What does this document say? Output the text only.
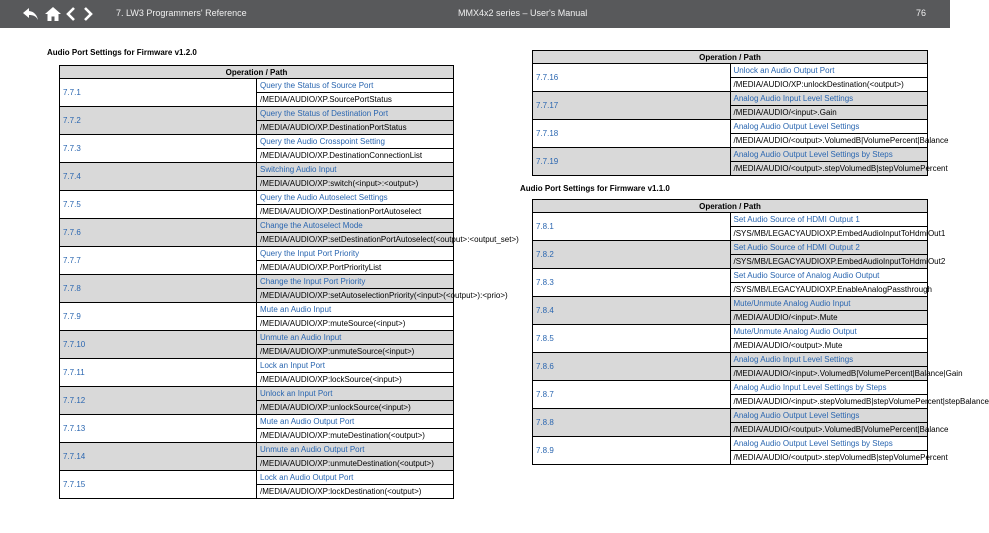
7. LW3 Programmers' Reference	MMX4x2 series – User's Manual	76
Audio Port Settings for Firmware v1.2.0
Operation / Path	
7.7.1	Query the Status of Source Port
	/MEDIA/AUDIO/XP.SourcePortStatus
7.7.2	Query the Status of Destination Port
	/MEDIA/AUDIO/XP.DestinationPortStatus
7.7.3	Query the Audio Crosspoint Setting
	/MEDIA/AUDIO/XP.DestinationConnectionList
7.7.4	Switching Audio Input
	/MEDIA/AUDIO/XP:switch(<input>:<output>)
7.7.5	Query the Audio Autoselect Settings
	/MEDIA/AUDIO/XP.DestinationPortAutoselect
7.7.6	Change the Autoselect Mode
	/MEDIA/AUDIO/XP:setDestinationPortAutoselect(<output>:<output_set>)
7.7.7	Query the Input Port Priority
	/MEDIA/AUDIO/XP.PortPriorityList
7.7.8	Change the Input Port Priority
	/MEDIA/AUDIO/XP:setAutoselectionPriority(<input>(<output>):<prio>)
7.7.9	Mute an Audio Input
	/MEDIA/AUDIO/XP:muteSource(<input>)
7.7.10	Unmute an Audio Input
	/MEDIA/AUDIO/XP:unmuteSource(<input>)
7.7.11	Lock an Input Port
	/MEDIA/AUDIO/XP:lockSource(<input>)
7.7.12	Unlock an Input Port
	/MEDIA/AUDIO/XP:unlockSource(<input>)
7.7.13	Mute an Audio Output Port
	/MEDIA/AUDIO/XP:muteDestination(<output>)
7.7.14	Unmute an Audio Output Port
	/MEDIA/AUDIO/XP:unmuteDestination(<output>)
7.7.15	Lock an Audio Output Port
	/MEDIA/AUDIO/XP:lockDestination(<output>)
Operation / Path	
7.7.16	Unlock an Audio Output Port
	/MEDIA/AUDIO/XP:unlockDestination(<output>)
7.7.17	Analog Audio Input Level Settings
	/MEDIA/AUDIO/<input>.Gain
7.7.18	Analog Audio Output Level Settings
	/MEDIA/AUDIO/<output>.VolumedB|VolumePercent|Balance
7.7.19	Analog Audio Output Level Settings by Steps
	/MEDIA/AUDIO/<output>.stepVolumedB|stepVolumePercent
Audio Port Settings for Firmware v1.1.0
Operation / Path	
7.8.1	Set Audio Source of HDMI Output 1
	/SYS/MB/LEGACYAUDIOXP.EmbedAudioInputToHdmiOut1
7.8.2	Set Audio Source of HDMI Output 2
	/SYS/MB/LEGACYAUDIOXP.EmbedAudioInputToHdmiOut2
7.8.3	Set Audio Source of Analog Audio Output
	/SYS/MB/LEGACYAUDIOXP.EnableAnalogPassthrough
7.8.4	Mute/Unmute Analog Audio Input
	/MEDIA/AUDIO/<input>.Mute
7.8.5	Mute/Unmute Analog Audio Output
	/MEDIA/AUDIO/<output>.Mute
7.8.6	Analog Audio Input Level Settings
	/MEDIA/AUDIO/<input>.VolumedB|VolumePercent|Balance|Gain
7.8.7	Analog Audio Input Level Settings by Steps
	/MEDIA/AUDIO/<input>.stepVolumedB|stepVolumePercent|stepBalance
7.8.8	Analog Audio Output Level Settings
	/MEDIA/AUDIO/<output>.VolumedB|VolumePercent|Balance
7.8.9	Analog Audio Output Level Settings by Steps
	/MEDIA/AUDIO/<output>.stepVolumedB|stepVolumePercent
